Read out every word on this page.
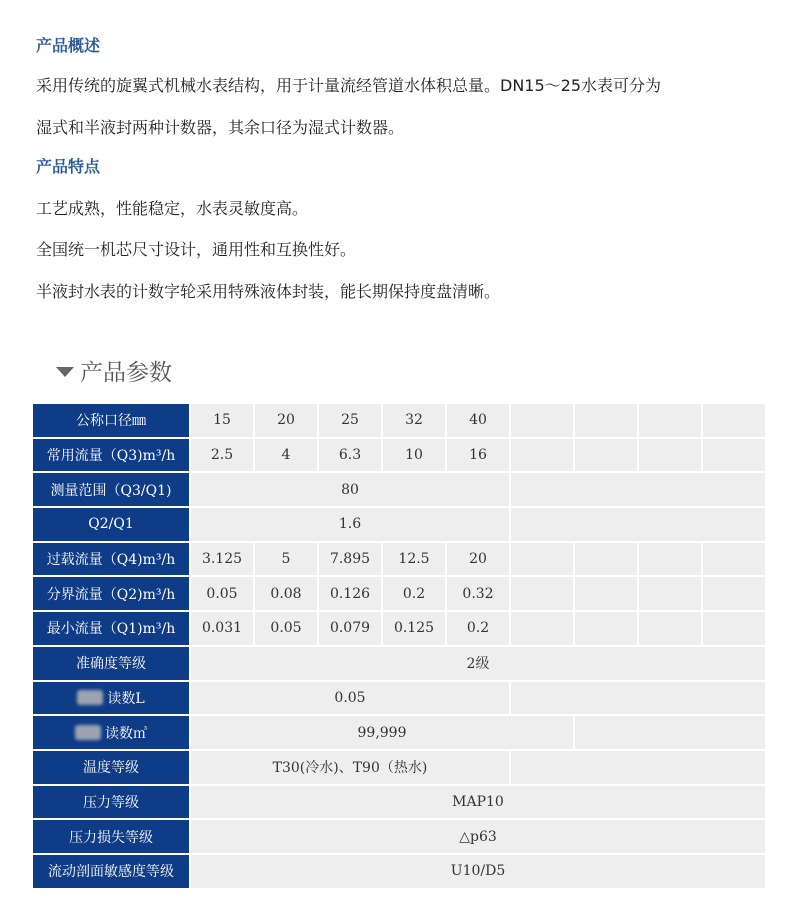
产品概述
采用传统的旋翼式机械水表结构，用于计量流经管道水体积总量。DN15～25水表可分为
湿式和半液封两种计数器，其余口径为湿式计数器。
产品特点
工艺成熟，性能稳定，水表灵敏度高。
全国统一机芯尺寸设计，通用性和互换性好。
半液封水表的计数字轮采用特殊液体封装，能长期保持度盘清晰。
产品参数
公称口径㎜	15	20	25	32	40				
常用流量（Q3)m³/h	2.5	4	6.3	10	16				
测量范围（Q3/Q1)	80								
Q2/Q1	1.6								
过载流量（Q4)m³/h	3.125	5	7.895	12.5	20				
分界流量（Q2)m³/h	0.05	0.08	0.126	0.2	0.32				
最小流量（Q1)m³/h	0.031	0.05	0.079	0.125	0.2				
准确度等级	2级								
读数L	0.05								
读数㎥	99,999								
温度等级	T30(冷水)、T90（热水)								
压力等级	MAP10								
压力损失等级	△p63								
流动剖面敏感度等级	U10/D5								
